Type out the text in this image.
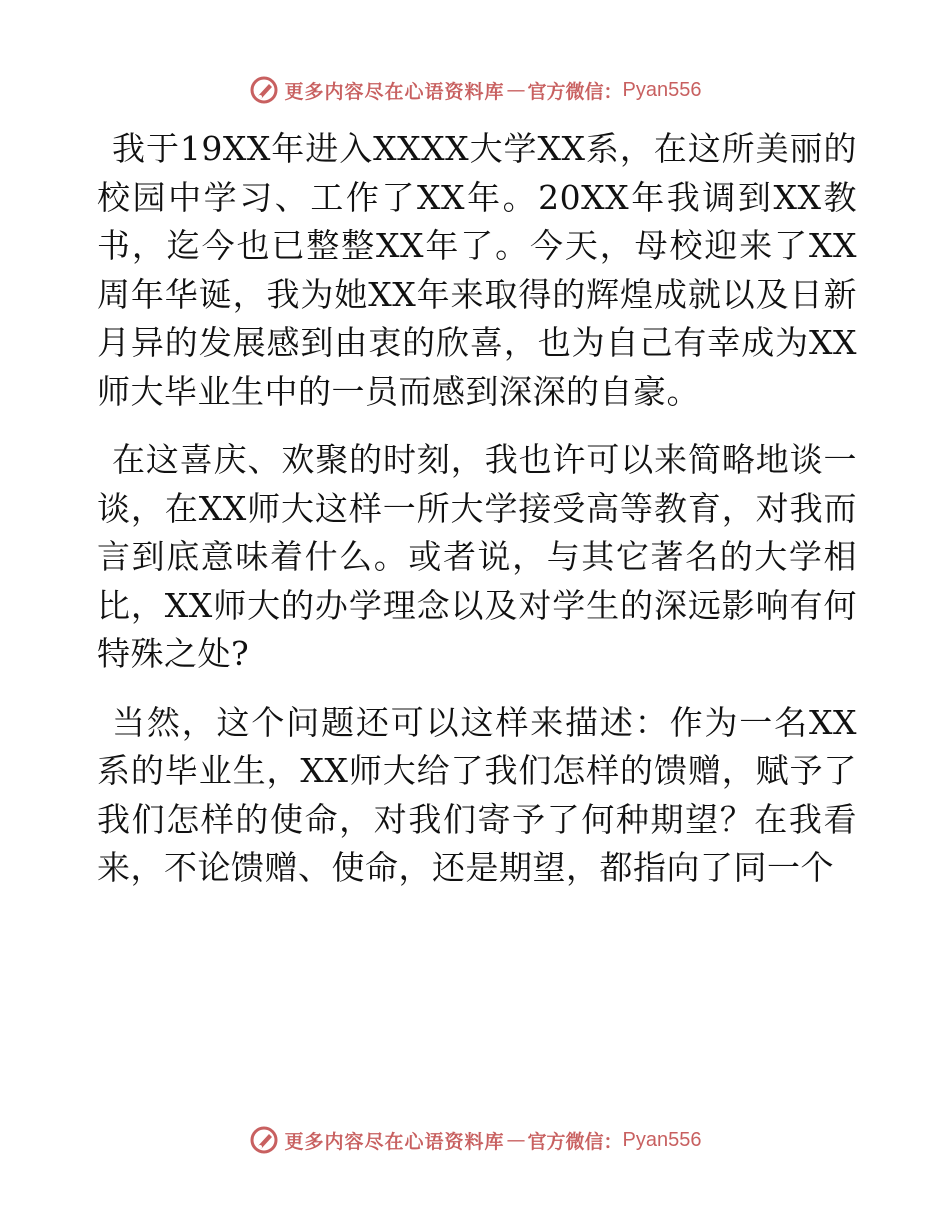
更多内容尽在心语资料库 — 官方微信： Pyan556

我于19XX年进入XXXX大学XX系，在这所美丽的校园中学习、工作了XX年。20XX年我调到XX教书，迄今也已整整XX年了。今天，母校迎来了XX周年华诞，我为她XX年来取得的辉煌成就以及日新月异的发展感到由衷的欣喜，也为自己有幸成为XX师大毕业生中的一员而感到深深的自豪。

在这喜庆、欢聚的时刻，我也许可以来简略地谈一谈，在XX师大这样一所大学接受高等教育，对我而言到底意味着什么。或者说，与其它著名的大学相比，XX师大的办学理念以及对学生的深远影响有何特殊之处?

当然，这个问题还可以这样来描述：作为一名XX系的毕业生，XX师大给了我们怎样的馈赠，赋予了我们怎样的使命，对我们寄予了何种期望？在我看来，不论馈赠、使命，还是期望，都指向了同一个

更多内容尽在心语资料库 — 官方微信： Pyan556
